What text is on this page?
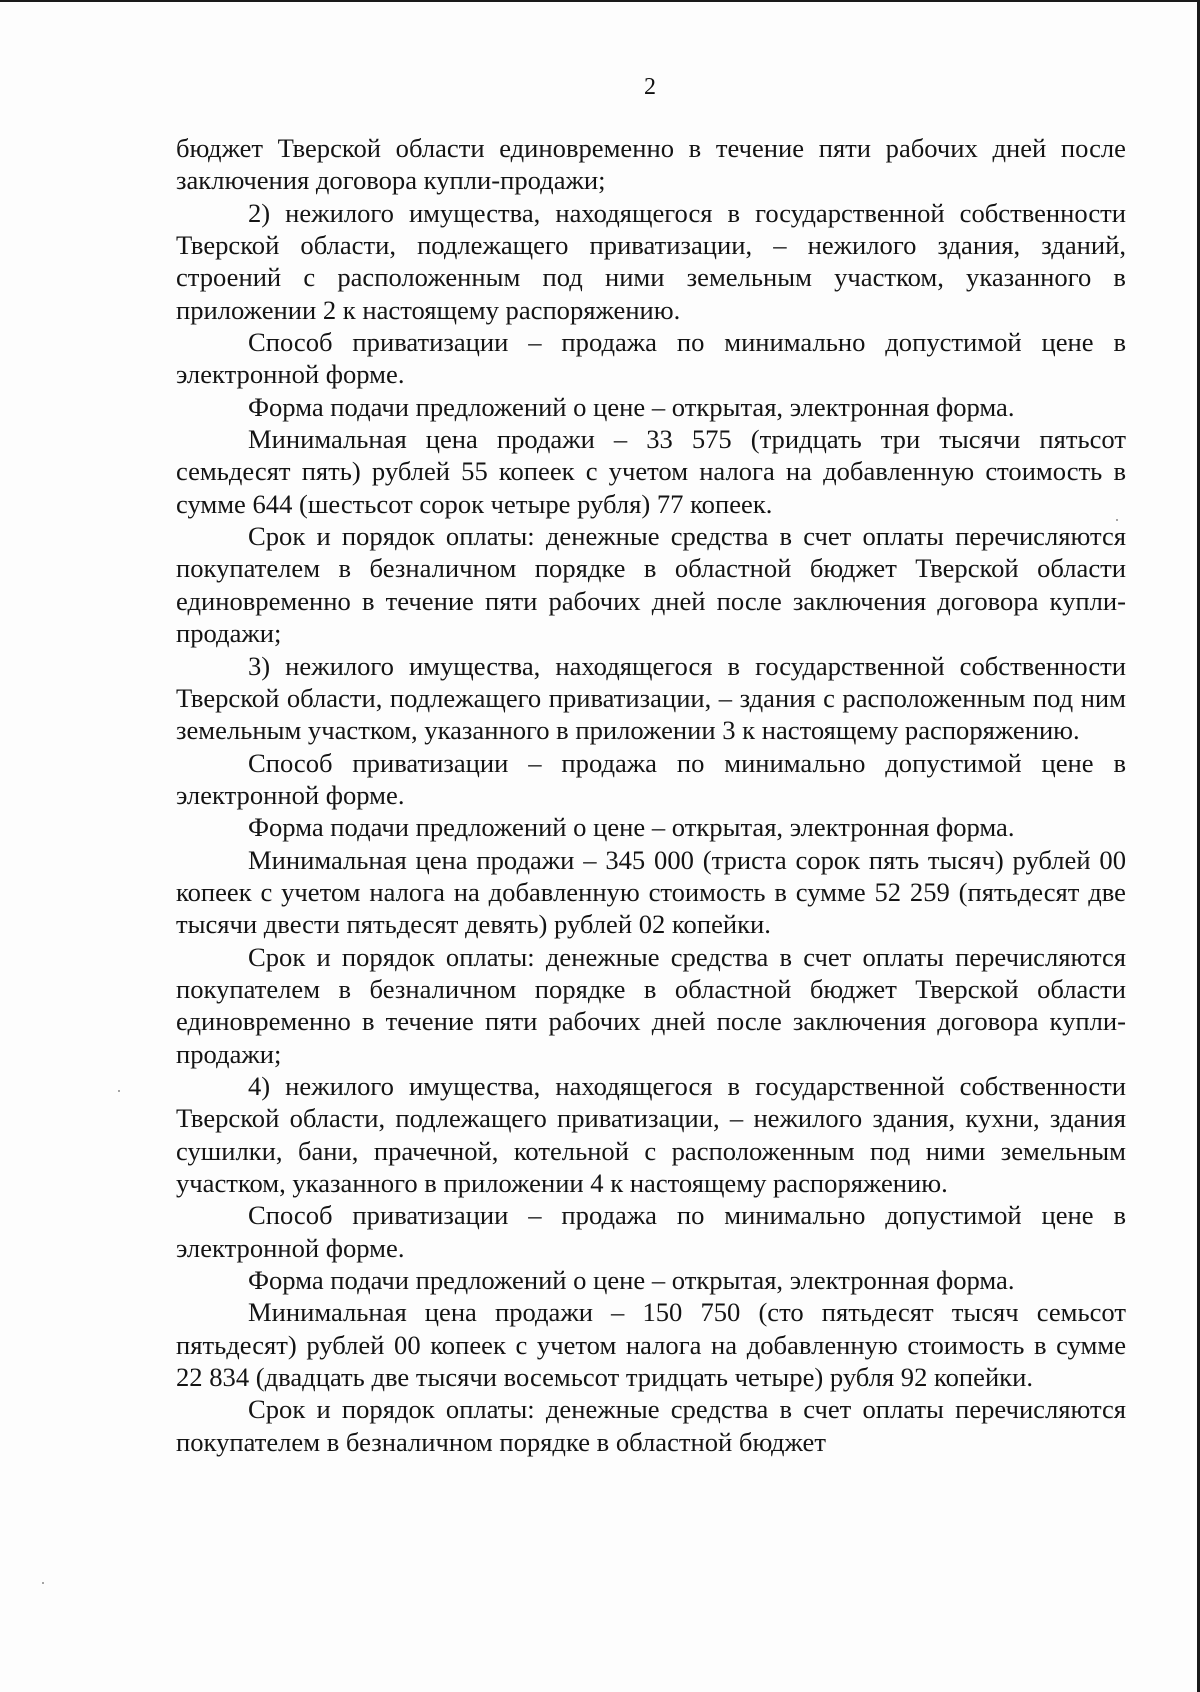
2

бюджет Тверской области единовременно в течение пяти рабочих дней после заключения договора купли-продажи;

2) нежилого имущества, находящегося в государственной собственности Тверской области, подлежащего приватизации, – нежилого здания, зданий, строений с расположенным под ними земельным участком, указанного в приложении 2 к настоящему распоряжению.

Способ приватизации – продажа по минимально допустимой цене в электронной форме.

Форма подачи предложений о цене – открытая, электронная форма.

Минимальная цена продажи – 33 575 (тридцать три тысячи пятьсот семьдесят пять) рублей 55 копеек с учетом налога на добавленную стоимость в сумме 644 (шестьсот сорок четыре рубля) 77 копеек.

Срок и порядок оплаты: денежные средства в счет оплаты перечисляются покупателем в безналичном порядке в областной бюджет Тверской области единовременно в течение пяти рабочих дней после заключения договора купли-продажи;

3) нежилого имущества, находящегося в государственной собственности Тверской области, подлежащего приватизации, – здания с расположенным под ним земельным участком, указанного в приложении 3 к настоящему распоряжению.

Способ приватизации – продажа по минимально допустимой цене в электронной форме.

Форма подачи предложений о цене – открытая, электронная форма.

Минимальная цена продажи – 345 000 (триста сорок пять тысяч) рублей 00 копеек с учетом налога на добавленную стоимость в сумме 52 259 (пятьдесят две тысячи двести пятьдесят девять) рублей 02 копейки.

Срок и порядок оплаты: денежные средства в счет оплаты перечисляются покупателем в безналичном порядке в областной бюджет Тверской области единовременно в течение пяти рабочих дней после заключения договора купли-продажи;

4) нежилого имущества, находящегося в государственной собственности Тверской области, подлежащего приватизации, – нежилого здания, кухни, здания сушилки, бани, прачечной, котельной с расположенным под ними земельным участком, указанного в приложении 4 к настоящему распоряжению.

Способ приватизации – продажа по минимально допустимой цене в электронной форме.

Форма подачи предложений о цене – открытая, электронная форма.

Минимальная цена продажи – 150 750 (сто пятьдесят тысяч семьсот пятьдесят) рублей 00 копеек с учетом налога на добавленную стоимость в сумме 22 834 (двадцать две тысячи восемьсот тридцать четыре) рубля 92 копейки.

Срок и порядок оплаты: денежные средства в счет оплаты перечисляются покупателем в безналичном порядке в областной бюджет
